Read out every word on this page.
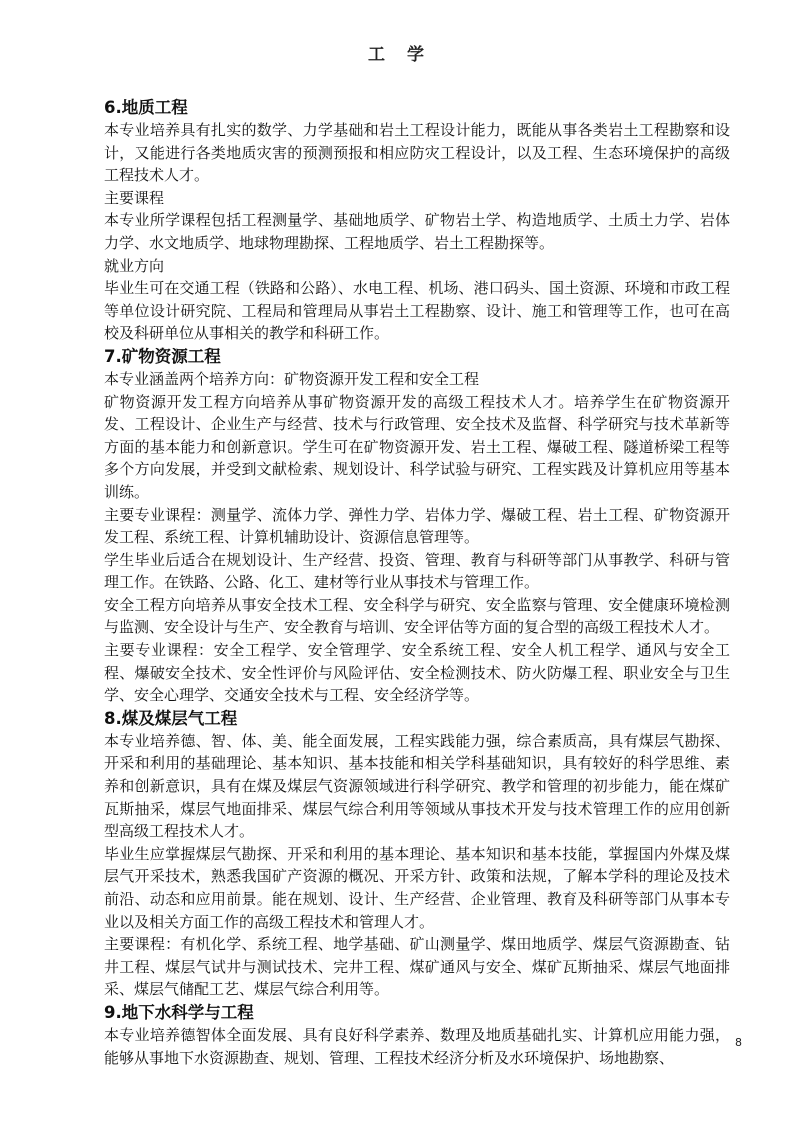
工 学
6.地质工程

本专业培养具有扎实的数学、力学基础和岩土工程设计能力，既能从事各类岩土工程勘察和设计，又能进行各类地质灾害的预测预报和相应防灾工程设计，以及工程、生态环境保护的高级工程技术人才。

主要课程

本专业所学课程包括工程测量学、基础地质学、矿物岩土学、构造地质学、土质土力学、岩体力学、水文地质学、地球物理勘探、工程地质学、岩土工程勘探等。

就业方向

毕业生可在交通工程（铁路和公路）、水电工程、机场、港口码头、国土资源、环境和市政工程等单位设计研究院、工程局和管理局从事岩土工程勘察、设计、施工和管理等工作，也可在高校及科研单位从事相关的教学和科研工作。

7.矿物资源工程

本专业涵盖两个培养方向：矿物资源开发工程和安全工程

矿物资源开发工程方向培养从事矿物资源开发的高级工程技术人才。培养学生在矿物资源开发、工程设计、企业生产与经营、技术与行政管理、安全技术及监督、科学研究与技术革新等方面的基本能力和创新意识。学生可在矿物资源开发、岩土工程、爆破工程、隧道桥梁工程等多个方向发展，并受到文献检索、规划设计、科学试验与研究、工程实践及计算机应用等基本训练。

主要专业课程：测量学、流体力学、弹性力学、岩体力学、爆破工程、岩土工程、矿物资源开发工程、系统工程、计算机辅助设计、资源信息管理等。

学生毕业后适合在规划设计、生产经营、投资、管理、教育与科研等部门从事教学、科研与管理工作。在铁路、公路、化工、建材等行业从事技术与管理工作。

安全工程方向培养从事安全技术工程、安全科学与研究、安全监察与管理、安全健康环境检测与监测、安全设计与生产、安全教育与培训、安全评估等方面的复合型的高级工程技术人才。

主要专业课程：安全工程学、安全管理学、安全系统工程、安全人机工程学、通风与安全工程、爆破安全技术、安全性评价与风险评估、安全检测技术、防火防爆工程、职业安全与卫生学、安全心理学、交通安全技术与工程、安全经济学等。

8.煤及煤层气工程

本专业培养德、智、体、美、能全面发展，工程实践能力强，综合素质高，具有煤层气勘探、开采和利用的基础理论、基本知识、基本技能和相关学科基础知识，具有较好的科学思维、素养和创新意识，具有在煤及煤层气资源领域进行科学研究、教学和管理的初步能力，能在煤矿瓦斯抽采，煤层气地面排采、煤层气综合利用等领域从事技术开发与技术管理工作的应用创新型高级工程技术人才。

毕业生应掌握煤层气勘探、开采和利用的基本理论、基本知识和基本技能，掌握国内外煤及煤层气开采技术，熟悉我国矿产资源的概况、开采方针、政策和法规，了解本学科的理论及技术前沿、动态和应用前景。能在规划、设计、生产经营、企业管理、教育及科研等部门从事本专业以及相关方面工作的高级工程技术和管理人才。

主要课程：有机化学、系统工程、地学基础、矿山测量学、煤田地质学、煤层气资源勘查、钻井工程、煤层气试井与测试技术、完井工程、煤矿通风与安全、煤矿瓦斯抽采、煤层气地面排采、煤层气储配工艺、煤层气综合利用等。

9.地下水科学与工程

本专业培养德智体全面发展、具有良好科学素养、数理及地质基础扎实、计算机应用能力强，能够从事地下水资源勘查、规划、管理、工程技术经济分析及水环境保护、场地勘察、

8
